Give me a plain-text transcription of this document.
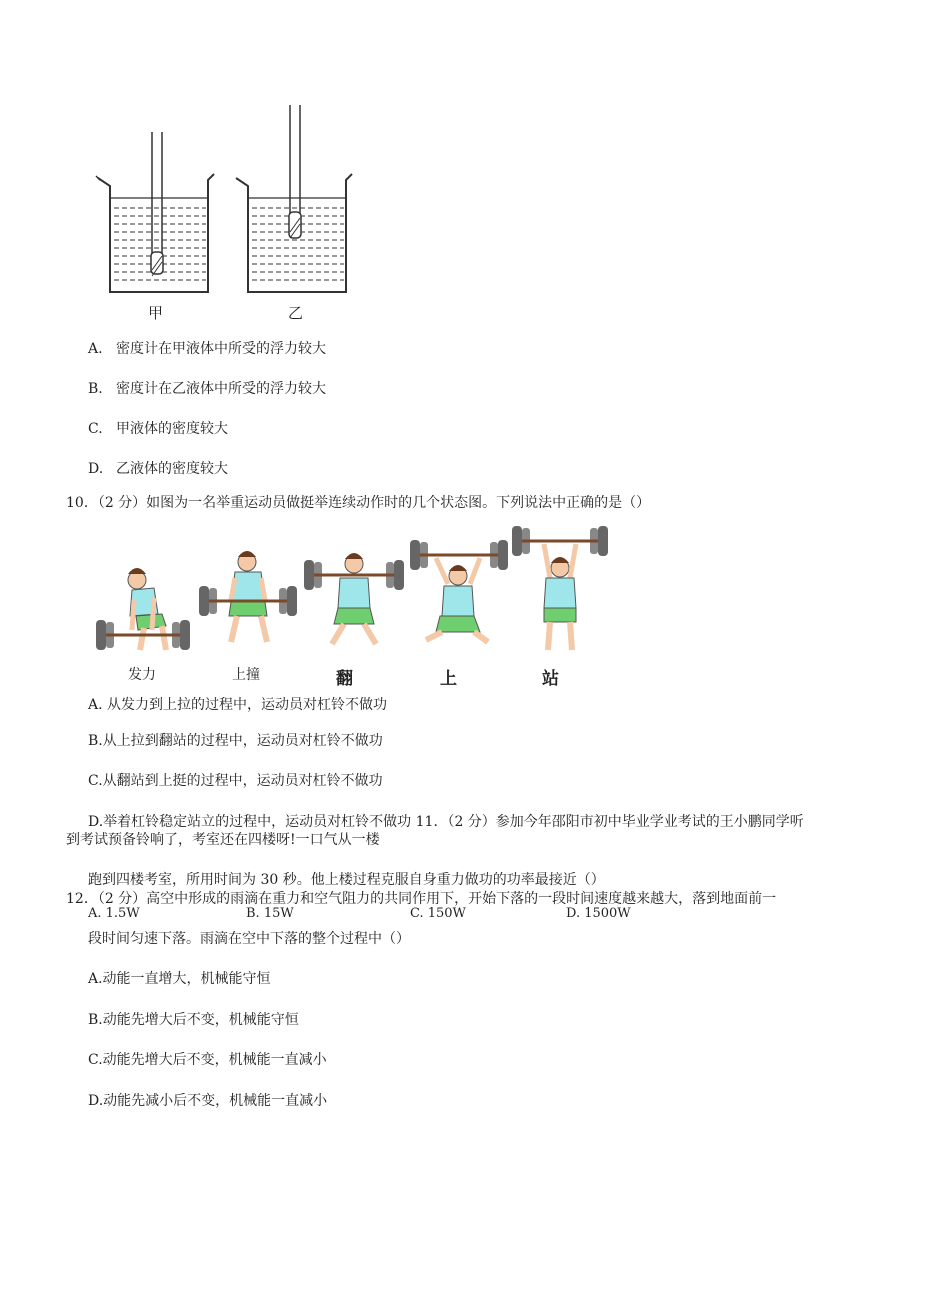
甲	乙
A. 密度计在甲液体中所受的浮力较大
B. 密度计在乙液体中所受的浮力较大
C. 甲液体的密度较大
D. 乙液体的密度较大
10．（2 分）如图为一名举重运动员做挺举连续动作时的几个状态图。下列说法中正确的是（）
发力	上撞	翻	上	站
A. 从发力到上拉的过程中，运动员对杠铃不做功
B.从上拉到翻站的过程中，运动员对杠铃不做功
C.从翻站到上挺的过程中，运动员对杠铃不做功
D.举着杠铃稳定站立的过程中，运动员对杠铃不做功 11．（2 分）参加今年邵阳市初中毕业学业考试的王小鹏同学听
到考试预备铃响了，考室还在四楼呀!一口气从一楼
跑到四楼考室，所用时间为 30 秒。他上楼过程克服自身重力做功的功率最接近（）
12．（2 分）高空中形成的雨滴在重力和空气阻力的共同作用下，开始下落的一段时间速度越来越大，落到地面前一
A. 1.5W	B. 15W	C. 150W	D. 1500W
段时间匀速下落。雨滴在空中下落的整个过程中（）
A.动能一直增大，机械能守恒
B.动能先增大后不变，机械能守恒
C.动能先增大后不变，机械能一直减小
D.动能先减小后不变，机械能一直减小
